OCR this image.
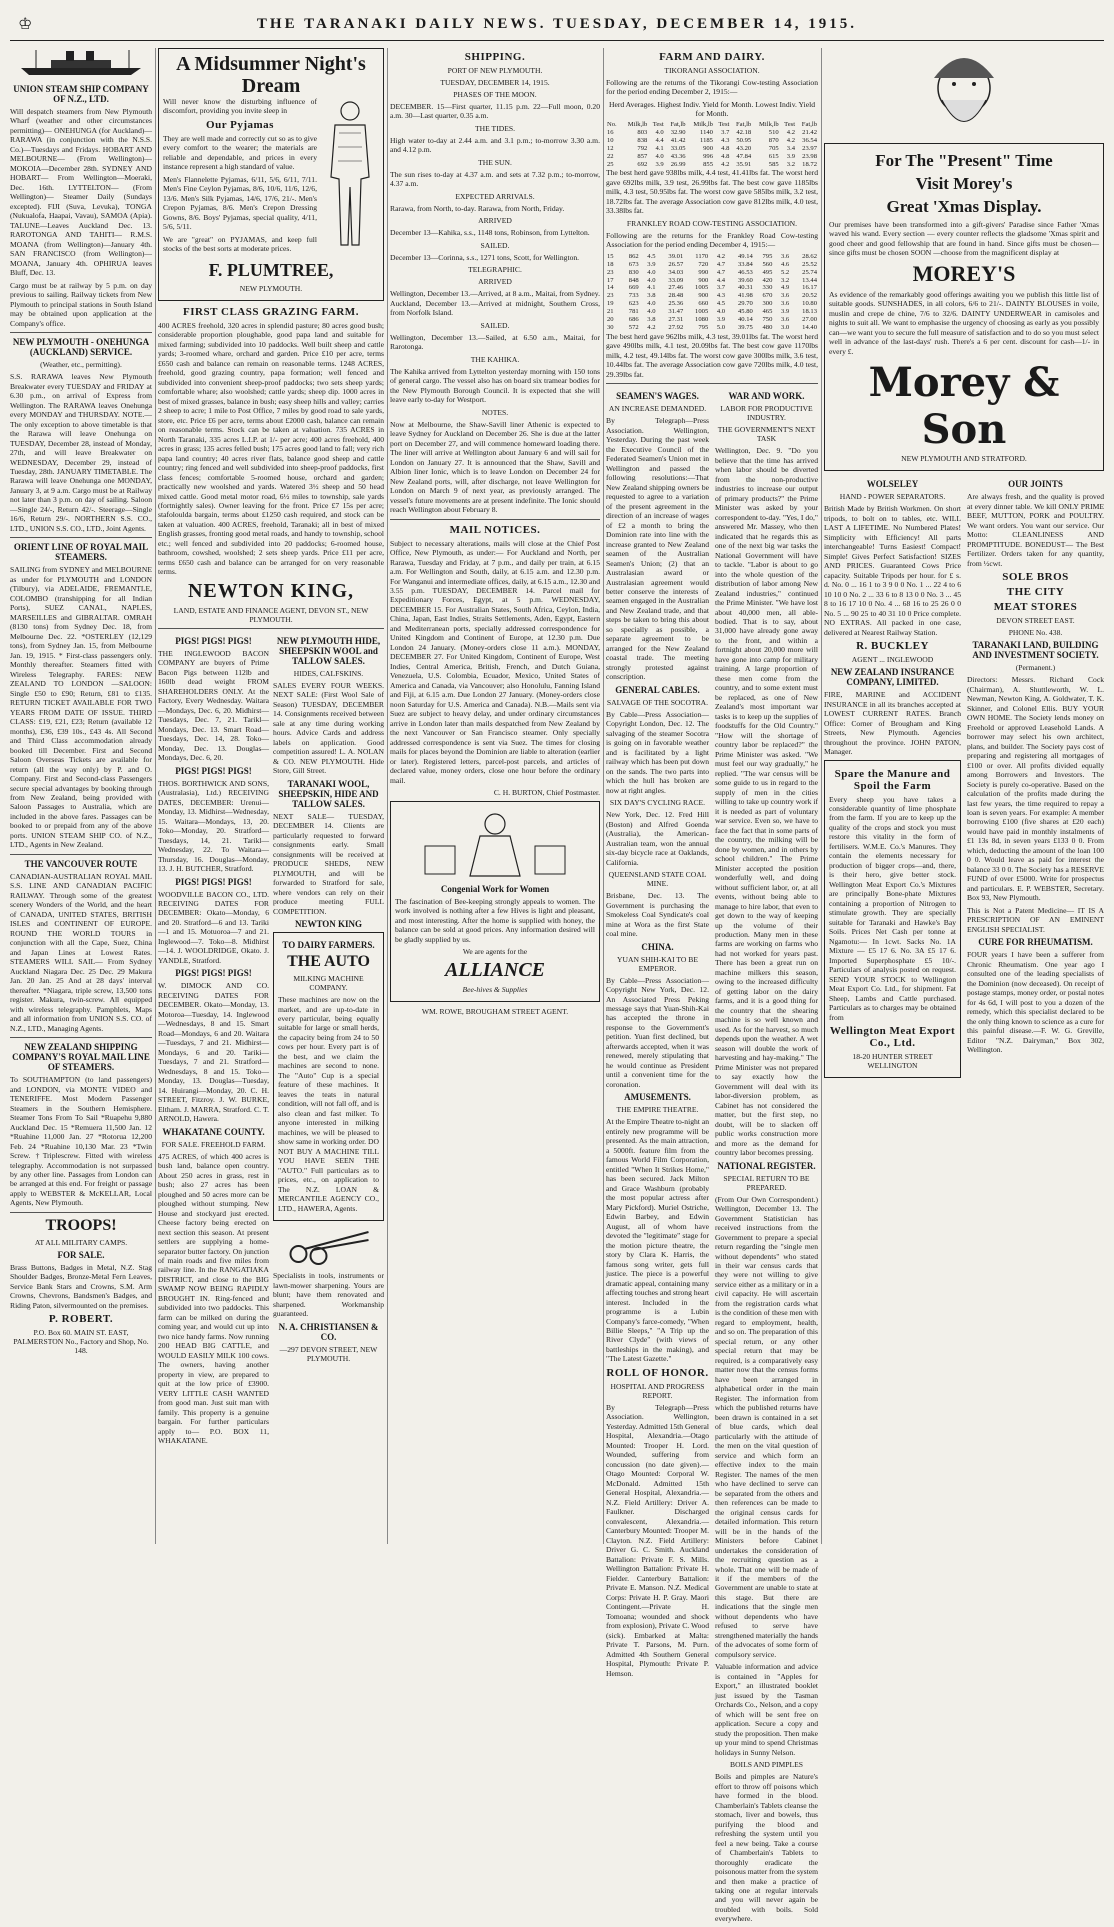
♔	THE TARANAKI DAILY NEWS. TUESDAY, DECEMBER 14, 1915.
UNION STEAM SHIP COMPANY OF N.Z., LTD.

Will despatch steamers from New Plymouth Wharf (weather and other circumstances permitting)— ONEHUNGA (for Auckland)— RARAWA (in conjunction with the N.S.S. Co.)—Tuesdays and Fridays. HOBART AND MELBOURNE— (From Wellington)— MOKOIA—December 28th. SYDNEY AND HOBART— From Wellington—Moeraki, Dec. 16th. LYTTELTON— (From Wellington)— Steamer Daily (Sundays excepted). FIJI (Suva, Levuka), TONGA (Nukualofa, Haapai, Vavau), SAMOA (Apia). TALUNE—Leaves Auckland Dec. 13. RAROTONGA AND TAHITI— R.M.S. MOANA (from Wellington)—January 4th. SAN FRANCISCO (from Wellington)— MOANA, January 4th. OPHIRUA leaves Bluff, Dec. 13.

Cargo must be at railway by 5 p.m. on day previous to sailing. Railway tickets from New Plymouth to principal stations in South Island may be obtained upon application at the Company's office.

NEW PLYMOUTH - ONEHUNGA (AUCKLAND) SERVICE.
(Weather, etc., permitting).

S.S. RARAWA leaves New Plymouth Breakwater every TUESDAY and FRIDAY at 6.30 p.m., on arrival of Express from Wellington. The RARAWA leaves Onehunga every MONDAY and THURSDAY. NOTE.—The only exception to above timetable is that the Rarawa will leave Onehunga on TUESDAY, December 28, instead of Monday, 27th, and will leave Breakwater on WEDNESDAY, December 29, instead of Tuesday, 28th. JANUARY TIMETABLE. The Rarawa will leave Onehunga one MONDAY, January 3, at 9 a.m. Cargo must be at Railway not later than 3 p.m. on day of sailing. Saloon—Single 24/-, Return 42/-. Steerage—Single 16/6, Return 29/-. NORTHERN S.S. CO., LTD., UNION S.S. CO., LTD., Joint Agents.

ORIENT LINE OF ROYAL MAIL STEAMERS.

SAILING from SYDNEY and MELBOURNE as under for PLYMOUTH and LONDON (Tilbury), via ADELAIDE, FREMANTLE, COLOMBO (transhipping for all Indian Ports), SUEZ CANAL, NAPLES, MARSEILLES and GIBRALTAR. OMRAH (8130 tons) from Sydney Dec. 18, from Melbourne Dec. 22. *OSTERLEY (12,129 tons), from Sydney Jan. 15, from Melbourne Jan. 19, 1915. * First-class passengers only. Monthly thereafter. Steamers fitted with Wireless Telegraphy. FARES: NEW ZEALAND TO LONDON —SALOON: Single £50 to £90; Return, £81 to £135. RETURN TICKET AVAILABLE FOR TWO YEARS FROM DATE OF ISSUE. THIRD CLASS: £19, £21, £23; Return (available 12 months), £36, £39 10s., £43 4s. All Second and Third Class accommodation already booked till December. First and Second Saloon Overseas Tickets are available for return (all the way only) by P. and O. Company. First and Second-class Passengers secure special advantages by booking through from New Zealand, being provided with Saloon Passages to Australia, which are included in the above fares. Passages can be booked to or prepaid from any of the above ports. UNION STEAM SHIP CO. of N.Z., LTD., Agents in New Zealand.

THE VANCOUVER ROUTE

CANADIAN-AUSTRALIAN ROYAL MAIL S.S. LINE AND CANADIAN PACIFIC RAILWAY. Through some of the greatest scenery Wonders of the World, and the heart of CANADA, UNITED STATES, BRITISH ISLES and CONTINENT OF EUROPE. ROUND THE WORLD TOURS in conjunction with all the Cape, Suez, China and Japan Lines at Lowest Rates. STEAMERS WILL SAIL— From Sydney Auckland Niagara Dec. 25 Dec. 29 Makura Jan. 20 Jan. 25 And at 28 days' interval thereafter. *Niagara, triple screw, 13,500 tons register. Makura, twin-screw. All equipped with wireless telegraphy. Pamphlets, Maps and all information from UNION S.S. CO. of N.Z., LTD., Managing Agents.

NEW ZEALAND SHIPPING COMPANY'S ROYAL MAIL LINE OF STEAMERS.

To SOUTHAMPTON (to land passengers) and LONDON, via MONTE VIDEO and TENERIFFE. Most Modern Passenger Steamers in the Southern Hemisphere. Steamer Tons From To Sail *Ruapehu 9,880 Auckland Dec. 15 *Remuera 11,500 Jan. 12 *Ruahine 11,000 Jan. 27 *Rotorua 12,200 Feb. 24 *Ruahine 10,130 Mar. 23 *Twin Screw. †Triplescrew. Fitted with wireless telegraphy. Accommodation is not surpassed by any other line. Passages from London can be arranged at this end. For freight or passage apply to WEBSTER & McKELLAR, Local Agents, New Plymouth.

TROOPS!
AT ALL MILITARY CAMPS.
FOR SALE.

Brass Buttons, Badges in Metal, N.Z. Stag Shoulder Badges, Bronze-Metal Fern Leaves, Service Bank Stars and Crowns, S.M. Arm Crowns, Chevrons, Bandsmen's Badges, and Riding Paton, silvermounted on the premises.

P. ROBERT.
P.O. Box 60. MAIN ST. EAST, PALMERSTON No., Factory and Shop, No. 148.
A Midsummer Night's Dream

Will never know the disturbing influence of discomfort, providing you invite sleep in

Our Pyjamas

They are well made and correctly cut so as to give every comfort to the wearer; the materials are reliable and dependable, and prices in every instance represent a high standard of value.

Men's Flannelette Pyjamas, 6/11, 5/6, 6/11, 7/11. Men's Fine Ceylon Pyjamas, 8/6, 10/6, 11/6, 12/6, 13/6. Men's Silk Pyjamas, 14/6, 17/6, 21/-. Men's Crepon Pyjamas, 8/6. Men's Crepon Dressing Gowns, 8/6. Boys' Pyjamas, special quality, 4/11, 5/6, 5/11.

We are "great" on PYJAMAS, and keep full stocks of the best sorts at moderate prices.

F. PLUMTREE,
NEW PLYMOUTH.
FIRST CLASS GRAZING FARM.

400 ACRES freehold, 320 acres in splendid pasture; 80 acres good bush; considerable proportion ploughable, good papa land and suitable for mixed farming; subdivided into 10 paddocks. Well built sheep and cattle yards; 3-roomed whare, orchard and garden. Price £10 per acre, terms £650 cash and balance can remain on reasonable terms. 1248 ACRES, freehold, good grazing country, papa formation; well fenced and subdivided into convenient sheep-proof paddocks; two sets sheep yards; comfortable whare; also woolshed; cattle yards; sheep dip. 1000 acres in best of mixed grasses, balance in bush; easy sheep hills and valley; carries 2 sheep to acre; 1 mile to Post Office, 7 miles by good road to sale yards, store, etc. Price £6 per acre, terms about £2000 cash, balance can remain on reasonable terms. Stock can be taken at valuation. 735 ACRES in North Taranaki, 335 acres L.I.P. at 1/- per acre; 400 acres freehold, 400 acres in grass; 135 acres felled bush; 175 acres good land to fall; very rich papa land country; 40 acres river flats, balance good sheep and cattle country; ring fenced and well subdivided into sheep-proof paddocks, first class fences; comfortable 5-roomed house, orchard and garden; practically new woolshed and yards. Watered 3½ sheep and 50 head mixed cattle. Good metal motor road, 6½ miles to township, sale yards (fortnightly sales). Owner leaving for the front. Price £7 15s per acre; stafoloulda bargain, terms about £1250 cash required, and stock can be taken at valuation. 400 ACRES, freehold, Taranaki; all in best of mixed English grasses, fronting good metal roads, and handy to township, school etc.; well fenced and subdivided into 20 paddocks; 6-roomed house, bathroom, cowshed, woolshed; 2 sets sheep yards. Price £11 per acre, terms £650 cash and balance can be arranged for on very reasonable terms.

NEWTON KING,
LAND, ESTATE AND FINANCE AGENT, DEVON ST., NEW PLYMOUTH.
PIGS! PIGS! PIGS!

THE INGLEWOOD BACON COMPANY are buyers of Prime Bacon Pigs between 112lb and 160lb dead weight FROM SHAREHOLDERS ONLY. At the Factory, Every Wednesday. Waitara—Mondays, Dec. 6, 20. Midhirst—Tuesdays, Dec. 7, 21. Tarikl—Mondays, Dec. 13. Smart Road—Tuesdays, Dec. 14, 28. Toko—Monday, Dec. 13. Douglas—Mondays, Dec. 6, 20.

PIGS! PIGS! PIGS!

THOS. BORTHWICK AND SONS, (Australasia), Ltd.) RECEIVING DATES, DECEMBER: Urenui—Monday, 13. Midhirst—Wednesday, 15. Waitara—Mondays, 13, 20. Toko—Monday, 20. Stratford—Tuesdays, 14, 21. Tarikl—Wednesday, 22. To Waitara—Thursday, 16. Douglas—Monday, 13. J. H. BUTCHER, Stratford.

PIGS! PIGS! PIGS!

WOODVILLE BACON CO., LTD. RECEIVING DATES FOR DECEMBER: Okato—Monday, 6 and 20. Stratford—6 and 13. Tariki—1 and 15. Motuoroa—7 and 21. Inglewood—7. Toko—8. Midhirst—14. J. WOOLDRIDGE, Okato. J. YANDLE, Stratford.

PIGS! PIGS! PIGS!

W. DIMOCK AND CO. RECEIVING DATES FOR DECEMBER. Okato—Monday, 13. Motoroa—Tuesday, 14. Inglewood—Wednesdays, 8 and 15. Smart Road—Mondays, 6 and 20. Waitara—Tuesdays, 7 and 21. Midhirst—Mondays, 6 and 20. Tariki—Tuesdays, 7 and 21. Stratford—Wednesdays, 8 and 15. Toko—Monday, 13. Douglas—Tuesday, 14. Huirangi—Monday, 20. C. H. STREET, Fitzroy. J. W. BURKE, Eltham. J. MARRA, Stratford. C. T. ARNOLD, Hawera.

WHAKATANE COUNTY.
FOR SALE. FREEHOLD FARM.

475 ACRES, of which 400 acres is bush land, balance open country. About 250 acres in grass, rest in bush; also 27 acres has been ploughed and 50 acres more can be ploughed without stumping. New House and stockyard just erected. Cheese factory being erected on next section this season. At present settlers are supplying a home-separator butter factory. On junction of main roads and five miles from railway line. In the RANGATIAKA DISTRICT, and close to the BIG SWAMP NOW BEING RAPIDLY BROUGHT IN. Ring-fenced and subdivided into two paddocks. This farm can be milked on during the coming year, and would cut up into two nice handy farms. Now running 200 HEAD BIG CATTLE, and WOULD EASILY MILK 100 cows. The owners, having another property in view, are prepared to quit at the low price of £3900. VERY LITTLE CASH WANTED from good man. Just suit man with family. This property is a genuine bargain. For further particulars apply to— P.O. BOX 11, WHAKATANE.

NEW PLYMOUTH HIDE, SHEEPSKIN WOOL and TALLOW SALES.
HIDES, CALFSKINS.

SALES EVERY FOUR WEEKS. NEXT SALE: (First Wool Sale of Season) TUESDAY, DECEMBER 14. Consignments received between sale at any time during working hours. Advice Cards and address labels on application. Good competition assured! L. A. NOLAN & CO. NEW PLYMOUTH. Hide Store, Gill Street.

TARANAKI WOOL, SHEEPSKIN, HIDE AND TALLOW SALES.

NEXT SALE— TUESDAY, DECEMBER 14. Clients are particularly requested to forward consignments early. Small consignments will be received at PRODUCE SHEDS, NEW PLYMOUTH, and will be forwarded to Stratford for sale, where vendors can rely on their produce meeting FULL COMPETITION.

NEWTON KING
TO DAIRY FARMERS.
THE AUTO
MILKING MACHINE COMPANY.

These machines are now on the market, and are up-to-date in every particular, being equally suitable for large or small herds, the capacity being from 24 to 50 cows per hour. Every part is of the best, and we claim the machines are second to none. The "Auto" Cup is a special feature of these machines. It leaves the teats in natural condition, will not fall off, and is also clean and fast milker. To anyone interested in milking machines, we will be pleased to show same in working order. DO NOT BUY A MACHINE TILL YOU HAVE SEEN THE "AUTO." Full particulars as to prices, etc., on application to The N.Z. LOAN & MERCANTILE AGENCY CO., LTD., HAWERA, Agents.

Specialists in tools, instruments or lawn-mower sharpening. Yours are blunt; have them renovated and sharpened. Workmanship guaranteed.

N. A. CHRISTIANSEN & CO.
—297 DEVON STREET, NEW PLYMOUTH.
SHIPPING.
PORT OF NEW PLYMOUTH.
TUESDAY, DECEMBER 14, 1915.
PHASES OF THE MOON.

DECEMBER. 15—First quarter, 11.15 p.m. 22—Full moon, 0.20 a.m. 30—Last quarter, 0.35 a.m.

THE TIDES.

High water to-day at 2.44 a.m. and 3.1 p.m.; to-morrow 3.30 a.m. and 4.12 p.m.

THE SUN.

The sun rises to-day at 4.37 a.m. and sets at 7.32 p.m.; to-morrow, 4.37 a.m.

EXPECTED ARRIVALS.

Rarawa, from North, to-day. Rarawa, from North, Friday.

ARRIVED

December 13—Kahika, s.s., 1148 tons, Robinson, from Lyttelton.

SAILED.

December 13—Corinna, s.s., 1271 tons, Scott, for Wellington.

TELEGRAPHIC.
ARRIVED

Wellington, December 13.—Arrived, at 8 a.m., Maitai, from Sydney. Auckland, December 13.—Arrived at midnight, Southern Cross, from Norfolk Island.

SAILED.

Wellington, December 13.—Sailed, at 6.50 a.m., Maitai, for Rarotonga.

THE KAHIKA.

The Kahika arrived from Lyttelton yesterday morning with 150 tons of general cargo. The vessel also has on board six tramear bodies for the New Plymouth Borough Council. It is expected that she will leave early to-day for Westport.

NOTES.

Now at Melbourne, the Shaw-Savill liner Athenic is expected to leave Sydney for Auckland on December 26. She is due at the latter port on December 27, and will commence homeward loading there. The liner will arrive at Wellington about January 6 and will sail for London on January 27. It is announced that the Shaw, Savill and Albion liner Ionic, which is to leave London on December 24 for New Zealand ports, will, after discharge, not leave Wellington for London on March 9 of next year, as previously arranged. The vessel's future movements are at present indefinite. The Ionic should reach Wellington about February 8.

MAIL NOTICES.

Subject to necessary alterations, mails will close at the Chief Post Office, New Plymouth, as under:— For Auckland and North, per Rarawa, Tuesday and Friday, at 7 p.m., and daily per train, at 6.15 a.m. For Wellington and South, daily, at 6.15 a.m. and 12.30 p.m. For Wanganui and intermediate offices, daily, at 6.15 a.m., 12.30 and 3.55 p.m. TUESDAY, DECEMBER 14. Parcel mail for Expeditionary Forces, Egypt, at 5 p.m. WEDNESDAY, DECEMBER 15. For Australian States, South Africa, Ceylon, India, China, Japan, East Indies, Straits Settlements, Aden, Egypt, Eastern and Mediterranean ports, specially addressed correspondence for United Kingdom and Continent of Europe, at 12.30 p.m. Due London 24 January. (Money-orders close 11 a.m.). MONDAY, DECEMBER 27. For United Kingdom, Continent of Europe, West Indies, Central America, British, French, and Dutch Guiana, Venezuela, U.S. Colombia, Ecuador, Mexico, United States of America and Canada, via Vancouver; also Honolulu, Fanning Island and Fiji, at 6.15 a.m. Due London 27 January. (Money-orders close noon Saturday for U.S. America and Canada). N.B.—Mails sent via Suez are subject to heavy delay, and under ordinary circumstances arrive in London later than mails despatched from New Zealand by the next Vancouver or San Francisco steamer. Only specially addressed correspondence is sent via Suez. The times for closing mails for places beyond the Dominion are liable to alteration (earlier or later). Registered letters, parcel-post parcels, and articles of declared value, money orders, close one hour before the ordinary mail.

C. H. BURTON, Chief Postmaster.

Congenial Work for Women

The fascination of Bee-keeping strongly appeals to women. The work involved is nothing after a few Hives is light and pleasant, and most interesting. After the home is supplied with honey, the balance can be sold at good prices. Any information desired will be gladly supplied by us.

We are agents for the
ALLIANCE
Bee-hives & Supplies
WM. ROWE, BROUGHAM STREET AGENT.
FARM AND DAIRY.
TIKORANGI ASSOCIATION.

Following are the returns of the Tikorangi Cow-testing Association for the period ending December 2, 1915:—

Herd Averages. Highest Indiv. Yield for Month. Lowest Indiv. Yield for Month.
No.	Milk,lb	Test	Fat,lb	Milk,lb	Test	Fat,lb	Milk,lb	Test	Fat,lb
16	803	4.0	32.90	1140	3.7	42.18	510	4.2	21.42
10	838	4.4	41.42	1185	4.3	50.95	870	4.2	36.54
12	792	4.1	33.05	900	4.8	43.20	705	3.4	23.97
22	857	4.0	43.36	996	4.8	47.84	615	3.9	23.98
25	692	3.9	26.99	855	4.2	35.91	585	3.2	18.72

The best herd gave 938lbs milk, 4.4 test, 41.41lbs fat. The worst herd gave 692lbs milk, 3.9 test, 26.99lbs fat. The best cow gave 1185lbs milk, 4.3 test, 50.95lbs fat. The worst cow gave 585lbs milk, 3.2 test, 18.72lbs fat. The average Association cow gave 812lbs milk, 4.0 test, 33.38lbs fat.

FRANKLEY ROAD COW-TESTING ASSOCIATION.

Following are the returns for the Frankley Road Cow-testing Association for the period ending December 4, 1915:—

15	862	4.5	39.01	1170	4.2	49.14	795	3.6	28.62
18	673	3.9	26.57	720	4.7	33.84	560	4.6	25.52
23	830	4.0	34.03	990	4.7	46.53	495	5.2	25.74
17	848	4.0	33.09	900	4.4	39.60	420	3.2	13.44
14	669	4.1	27.46	1005	3.7	40.31	330	4.9	16.17
23	733	3.8	28.48	900	4.3	41.98	670	3.6	20.52
19	623	4.0	25.36	660	4.5	29.70	300	3.6	10.80
21	781	4.0	31.47	1005	4.0	45.80	465	3.9	18.13
20	686	3.8	27.31	1080	3.9	40.14	750	3.6	27.00
30	572	4.2	27.92	795	5.0	39.75	480	3.0	14.40

The best herd gave 962lbs milk, 4.3 test, 39.01lbs fat. The worst herd gave 490lbs milk, 4.1 test, 20.09lbs fat. The best cow gave 1170lbs milk, 4.2 test, 49.14lbs fat. The worst cow gave 300lbs milk, 3.6 test, 10.44lbs fat. The average Association cow gave 720lbs milk, 4.0 test, 29.39lbs fat.

SEAMEN'S WAGES.
AN INCREASE DEMANDED.

By Telegraph—Press Association. Wellington, Yesterday. During the past week the Executive Council of the Federated Seamen's Union met in Wellington and passed the following resolutions:—That New Zealand shipping owners be requested to agree to a variation of the present agreement in the direction of an increase of wages of £2 a month to bring the Dominion rate into line with the increase granted to New Zealand seamen of the Australian Seamen's Union; (2) that an Australasian award or Australasian agreement would better conserve the interests of seamen engaged in the Australian and New Zealand trade, and that steps be taken to bring this about so specially as possible, a separate agreement to be arranged for the New Zealand coastal trade. The meeting strongly protested against conscription.

GENERAL CABLES.
SALVAGE OF THE SOCOTRA.

By Cable—Press Association—Copyright London, Dec. 12. The salvaging of the steamer Socotra is going on in favorable weather and is facilitated by a light railway which has been put down on the sands. The two parts into which the hull has broken are now at right angles.

SIX DAY'S CYCLING RACE.

New York, Dec. 12. Fred Hill (Boston) and Alfred Goenda (Australia), the American-Australian team, won the annual six-day bicycle race at Oaklands, California.

QUEENSLAND STATE COAL MINE.

Brisbane, Dec. 13. The Government is purchasing the Smokeless Coal Syndicate's coal mine at Wora as the first State coal mine.

CHINA.
YUAN SHIH-KAI TO BE EMPEROR.

By Cable—Press Association—Copyright New York, Dec. 12. An Associated Press Peking message says that Yuan-Shih-Kai has accepted the throne in response to the Government's petition. Yuan first declined, but afterwards accepted, when it was renewed, merely stipulating that he would continue as President until a convenient time for the coronation.

AMUSEMENTS.
THE EMPIRE THEATRE.

At the Empire Theatre to-night an entirely new programme will be presented. As the main attraction, a 5000ft. feature film from the famous World Film Corporation, entitled "When It Strikes Home," has been secured. Jack Milton and Grace Washburn (probably the most popular actress after Mary Pickford). Muriel Ostriche, Edwin Barbey, and Edwin August, all of whom have devoted the "legitimate" stage for the motion picture theatre, the story by Clara K. Harris, the famous song writer, gets full justice. The piece is a powerful dramatic appeal, containing many affecting touches and strong heart interest. Included in the programme is a Lubin Company's farce-comedy, "When Billie Sleeps," "A Trip up the River Clyde" (with views of battleships in the making), and "The Latest Gazette."

ROLL OF HONOR.
HOSPITAL AND PROGRESS REPORT.

By Telegraph—Press Association. Wellington, Yesterday. Admitted 15th General Hospital, Alexandria.—Otago Mounted: Trooper H. Lord. Wounded, suffering from concussion (no date given).—Otago Mounted: Corporal W. McDonald. Admitted 15th General Hospital, Alexandria.—N.Z. Field Artillery: Driver A. Faulkner. Discharged convalescent, Alexandria.—Canterbury Mounted: Trooper M. Clayton. N.Z. Field Artillery: Driver G. C. Smith. Auckland Battalion: Private F. S. Mills. Wellington Battalion: Private H. Fielder. Canterbury Battalion: Private E. Manson. N.Z. Medical Corps: Private H. P. Gray. Maori Contingent.—Private H. Tomoana; wounded and shock from explosion), Private C. Wood (sick). Embarked at Malta: Private T. Parsons, M. Purn. Admitted 4th Southern General Hospital, Plymouth: Private P. Hemson.

WAR AND WORK.
LABOR FOR PRODUCTIVE INDUSTRY.
THE GOVERNMENT'S NEXT TASK

Wellington, Dec. 9. "Do you believe that the time has arrived when labor should be diverted from the non-productive industries to increase our output of primary products?" the Prime Minister was asked by your correspondent to-day. "Yes, I do," answered Mr. Massey, who then indicated that he regards this as one of the next big war tasks the National Government will have to tackle. "Labor is about to go into the whole question of the distribution of labor among New Zealand industries," continued the Prime Minister. "We have lost about 40,000 men, all able-bodied. That is to say, about 31,000 have already gone away to the front, and within a fortnight about 20,000 more will have gone into camp for military training. A large proportion of these men come from the country, and to some extent must be replaced, as one of New Zealand's most important war tasks is to keep up the supplies of foodstuffs for the Old Country." "How will the shortage of country labor be replaced?" the Prime Minister was asked. "We must feel our way gradually," he replied. "The war census will be some guide to us in regard to the supply of men in the cities willing to take up country work if it is needed as part of voluntary war service. Even so, we have to face the fact that in some parts of the country, the milking will be done by women, and in others by school children." The Prime Minister accepted the position wonderfully well, and doing without sufficient labor, or, at all events, without being able to manage to hire labor, that even to get down to the way of keeping up the volume of their production. Many men in these farms are working on farms who had not worked for years past. There has been a great run on machine milkers this season, owing to the increased difficulty of getting labor on the dairy farms, and it is a good thing for the country that the shearing machine is so well known and used. As for the harvest, so much depends upon the weather. A wet season will double the work of harvesting and hay-making." The Prime Minister was not prepared to say exactly how the Government will deal with its labor-diversion problem, as Cabinet has not considered the matter, but the first step, no doubt, will be to slacken off public works construction more and more as the demand for country labor becomes pressing.

NATIONAL REGISTER.
SPECIAL RETURN TO BE PREPARED.

(From Our Own Correspondent.) Wellington, December 13. The Government Statistician has received instructions from the Government to prepare a special return regarding the "single men without dependents" who stated in their war census cards that they were not willing to give service either as a military or in a civil capacity. He will ascertain from the registration cards what is the condition of these men with regard to employment, health, and so on. The preparation of this special return, or any other special return that may be required, is a comparatively easy matter now that the census forms have been arranged in alphabetical order in the main Register. The information from which the published returns have been drawn is contained in a set of blue cards, which deal particularly with the attitude of the men on the vital question of service and which form an effective index to the main Register. The names of the men who have declined to serve can be separated from the others and then references can be made to the original census cards for detailed information. This return will be in the hands of the Ministers before Cabinet undertakes the consideration of the recruiting question as a whole. That one will be made of it if the members of the Government are unable to state at this stage. But there are indications that the single men without dependents who have refused to serve have strengthened materially the hands of the advocates of some form of compulsory service.

Valuable information and advice is contained in "Apples for Export," an illustrated booklet just issued by the Tasman Orchards Co., Nelson, and a copy of which will be sent free on application. Secure a copy and study the proposition. Then make up your mind to spend Christmas holidays in Sunny Nelson.

BOILS AND PIMPLES

Boils and pimples are Nature's effort to throw off poisons which have formed in the blood. Chamberlain's Tablets cleanse the stomach, liver and bowels, thus purifying the blood and refreshing the system until you feel a new being. Take a course of Chamberlain's Tablets to thoroughly eradicate the poisonous matter from the system and then make a practice of taking one at regular intervals and you will never again be troubled with boils. Sold everywhere.

For The "Present" Time
Visit Morey's
Great 'Xmas Display.

Our premises have been transformed into a gift-givers' Paradise since Father 'Xmas waved his wand. Every section — every counter reflects the gladsome 'Xmas spirit and good cheer and good fellowship that are found in hand. Since gifts must be chosen—since gifts must be chosen SOON —choose from the magnificent display at

MOREY'S

As evidence of the remarkably good offerings awaiting you we publish this little list of suitable goods. SUNSHADES, in all colors, 6/6 to 21/-. DAINTY BLOUSES in voile, muslin and crepe de chine, 7/6 to 32/6. DAINTY UNDERWEAR in camisoles and nights to suit all. We want to emphasise the urgency of choosing as early as you possibly can—we want you to secure the full measure of satisfaction and to do so you must select well in advance of the last-days' rush. There's a 6 per cent. discount for cash—1/- in every £.

Morey & Son
NEW PLYMOUTH AND STRATFORD.
WOLSELEY
HAND - POWER SEPARATORS.

British Made by British Workmen. On short tripods, to bolt on to tables, etc. WILL LAST A LIFETIME. No Numbered Plates! Simplicity with Efficiency! All parts interchangeable! Turns Easiest! Compact! Simple! Gives Perfect Satisfaction! SIZES AND PRICES. Guaranteed Cows Price capacity. Suitable Tripods per hour. for £ s. d. No. 0 ... 16 1 to 3 9 0 0 No. 1 ... 22 4 to 6 10 10 0 No. 2 ... 33 6 to 8 13 0 0 No. 3 ... 45 8 to 16 17 10 0 No. 4 ... 68 16 to 25 26 0 0 No. 5 ... 90 25 to 40 31 10 0 Price complete. NO EXTRAS. All packed in one case, delivered at Nearest Railway Station.

R. BUCKLEY
AGENT ... INGLEWOOD
NEW ZEALAND INSURANCE COMPANY, LIMITED.

FIRE, MARINE and ACCIDENT INSURANCE in all its branches accepted at LOWEST CURRENT RATES. Branch Office: Corner of Brougham and King Streets, New Plymouth. Agencies throughout the province. JOHN PATON, Manager.

Spare the Manure and Spoil the Farm

Every sheep you have takes a considerable quantity of lime phosphate from the farm. If you are to keep up the quality of the crops and stock you must restore this vitality in the form of fertilisers. W.M.E. Co.'s Manures. They contain the elements necessary for production of bigger crops—and, there, is their hero, give better stock. Wellington Meat Export Co.'s Mixtures are principally Bone-phate Mixtures containing a proportion of Nitrogen to stimulate growth. They are specially suitable for Taranaki and Hawke's Bay Soils. Prices Net Cash per tonne at Ngamotu:— In 1cwt. Sacks No. 1A Mixture — £5 17 6. No. 3A £5 17 6. Imported Superphosphate £5 10/-. Particulars of analysis posted on request. SEND YOUR STOCK to Wellington Meat Export Co. Ltd., for shipment. Fat Sheep, Lambs and Cattle purchased. Particulars as to charges may be obtained from

Wellington Meat Export Co., Ltd.
18-20 HUNTER STREET WELLINGTON
OUR JOINTS

Are always fresh, and the quality is proved at every dinner table. We kill ONLY PRIME BEEF, MUTTON, PORK and POULTRY. We want orders. You want our service. Our Motto: CLEANLINESS AND PROMPTITUDE. BONEDUST— The Best Fertilizer. Orders taken for any quantity, from ½cwt.

SOLE BROS
THE CITY
MEAT STORES
DEVON STREET EAST.
PHONE No. 438.
TARANAKI LAND, BUILDING AND INVESTMENT SOCIETY.
(Permanent.)

Directors: Messrs. Richard Cock (Chairman), A. Shuttleworth, W. L. Newman, Newton King, A. Goldwater, T. K. Skinner, and Colonel Ellis. BUY YOUR OWN HOME. The Society lends money on Freehold or approved Leasehold Lands. A borrower may select his own architect, plans, and builder. The Society pays cost of preparing and registering all mortgages of £100 or over. All profits divided equally among Borrowers and Investors. The Society is purely co-operative. Based on the calculation of the profits made during the last few years, the time required to repay a loan is seven years. For example: A member borrowing £100 (five shares at £20 each) would have paid in monthly instalments of £1 13s 8d, in seven years £133 0 0. From which, deducting the amount of the loan 100 0 0. Would leave as paid for interest the balance 33 0 0. The Society has a RESERVE FUND of over £5000. Write for prospectus and particulars. E. P. WEBSTER, Secretary. Box 93, New Plymouth.

This is Not a Patent Medicine— IT IS A PRESCRIPTION OF AN EMINENT ENGLISH SPECIALIST.

CURE FOR RHEUMATISM.

FOUR years I have been a sufferer from Chronic Rheumatism. One year ago I consulted one of the leading specialists of the Dominion (now deceased). On receipt of postage stamps, money order, or postal notes for 4s 6d, I will post to you a dozen of the remedy, which this specialist declared to be the only thing known to science as a cure for this painful disease.—F. W. G. Greville, Editor "N.Z. Dairyman," Box 302, Wellington.
